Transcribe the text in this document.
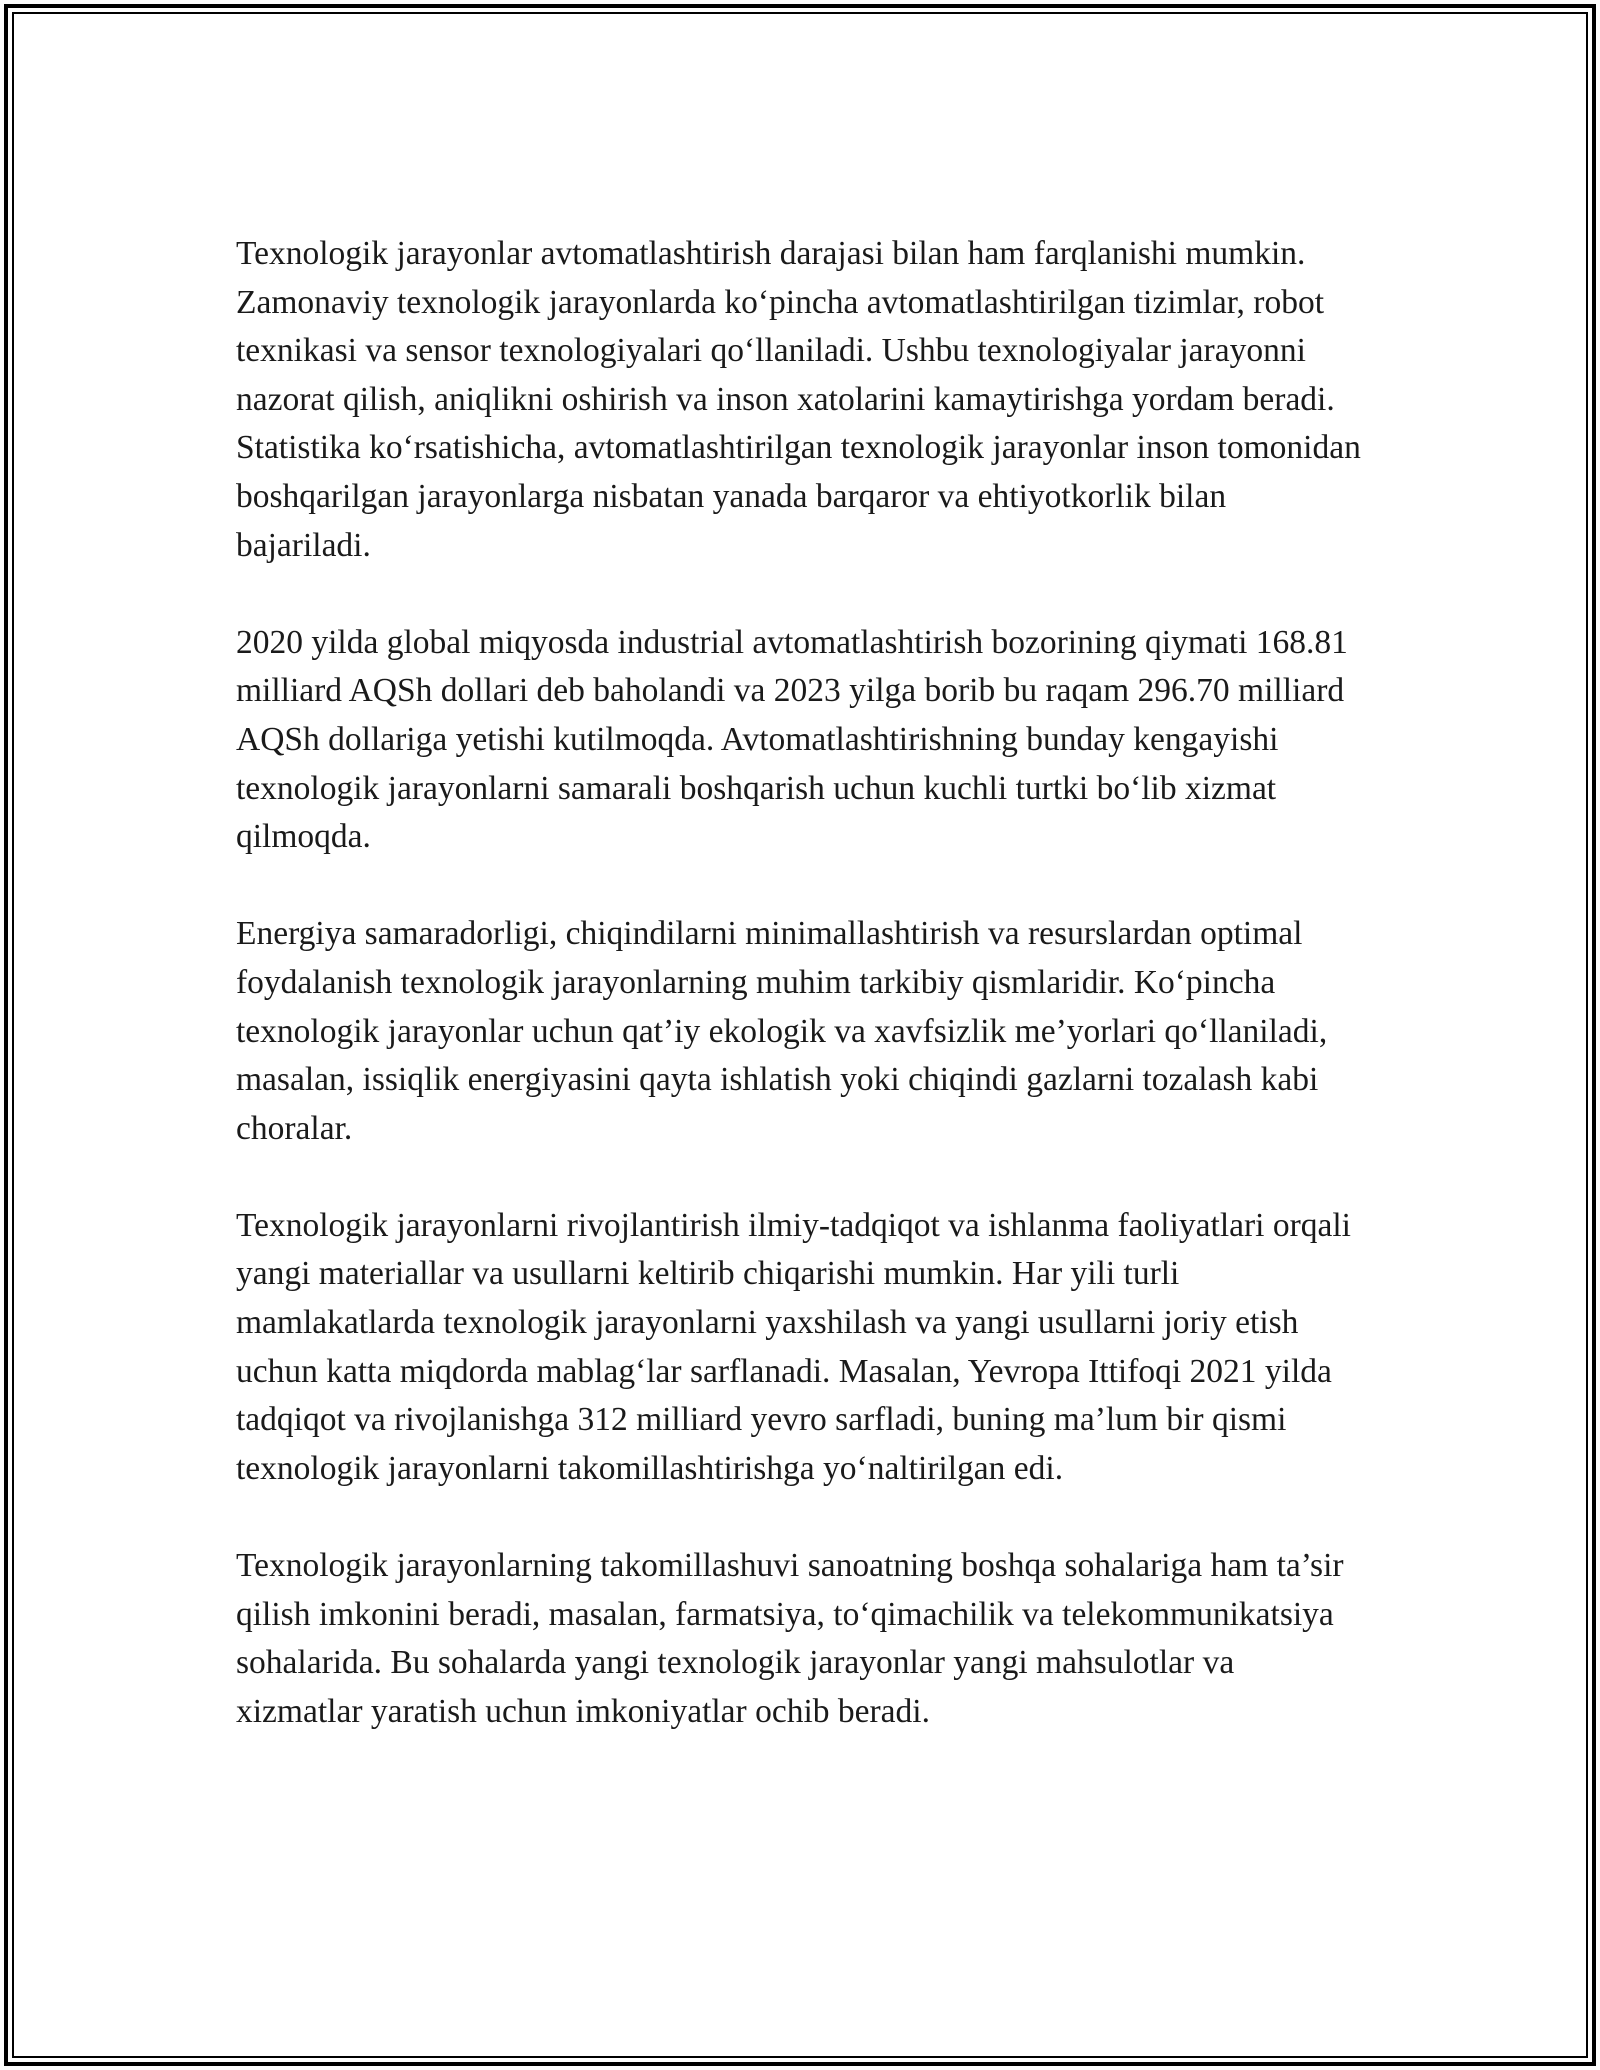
Texnologik jarayonlar avtomatlashtirish darajasi bilan ham farqlanishi mumkin. Zamonaviy texnologik jarayonlarda ko‘pincha avtomatlashtirilgan tizimlar, robot texnikasi va sensor texnologiyalari qo‘llaniladi. Ushbu texnologiyalar jarayonni nazorat qilish, aniqlikni oshirish va inson xatolarini kamaytirishga yordam beradi. Statistika ko‘rsatishicha, avtomatlashtirilgan texnologik jarayonlar inson tomonidan boshqarilgan jarayonlarga nisbatan yanada barqaror va ehtiyotkorlik bilan bajariladi.

2020 yilda global miqyosda industrial avtomatlashtirish bozorining qiymati 168.81 milliard AQSh dollari deb baholandi va 2023 yilga borib bu raqam 296.70 milliard AQSh dollariga yetishi kutilmoqda. Avtomatlashtirishning bunday kengayishi texnologik jarayonlarni samarali boshqarish uchun kuchli turtki bo‘lib xizmat qilmoqda.

Energiya samaradorligi, chiqindilarni minimallashtirish va resurslardan optimal foydalanish texnologik jarayonlarning muhim tarkibiy qismlaridir. Ko‘pincha texnologik jarayonlar uchun qat’iy ekologik va xavfsizlik me’yorlari qo‘llaniladi, masalan, issiqlik energiyasini qayta ishlatish yoki chiqindi gazlarni tozalash kabi choralar.

Texnologik jarayonlarni rivojlantirish ilmiy-tadqiqot va ishlanma faoliyatlari orqali yangi materiallar va usullarni keltirib chiqarishi mumkin. Har yili turli mamlakatlarda texnologik jarayonlarni yaxshilash va yangi usullarni joriy etish uchun katta miqdorda mablag‘lar sarflanadi. Masalan, Yevropa Ittifoqi 2021 yilda tadqiqot va rivojlanishga 312 milliard yevro sarfladi, buning ma’lum bir qismi texnologik jarayonlarni takomillashtirishga yo‘naltirilgan edi.

Texnologik jarayonlarning takomillashuvi sanoatning boshqa sohalariga ham ta’sir qilish imkonini beradi, masalan, farmatsiya, to‘qimachilik va telekommunikatsiya sohalarida. Bu sohalarda yangi texnologik jarayonlar yangi mahsulotlar va xizmatlar yaratish uchun imkoniyatlar ochib beradi.
